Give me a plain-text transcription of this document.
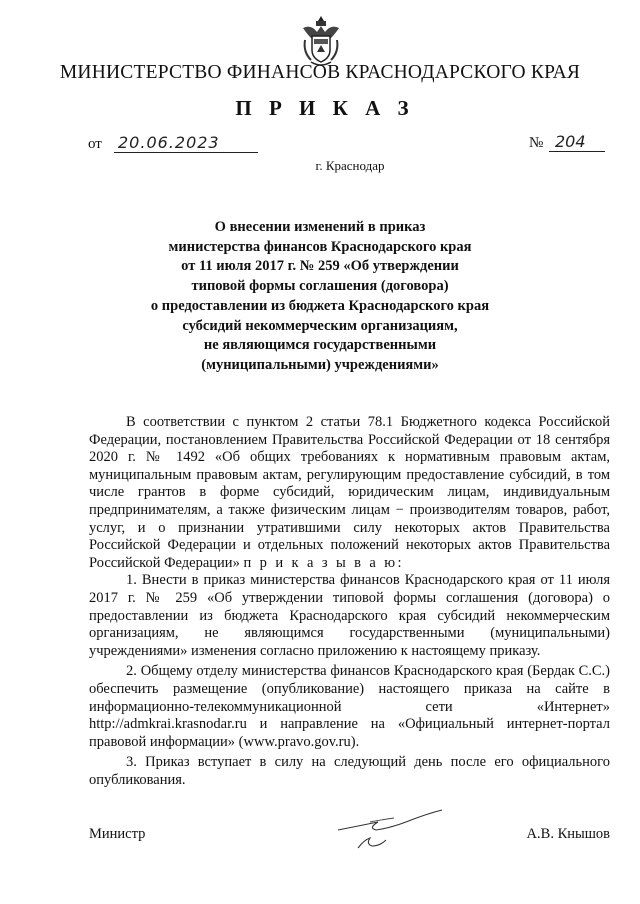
МИНИСТЕРСТВО ФИНАНСОВ КРАСНОДАРСКОГО КРАЯ
П Р И К А З
от 20.06.2023	№ 204
г. Краснодар
О внесении изменений в приказ
министерства финансов Краснодарского края
от 11 июля 2017 г. № 259 «Об утверждении
типовой формы соглашения (договора)
о предоставлении из бюджета Краснодарского края
субсидий некоммерческим организациям,
не являющимся государственными
(муниципальными) учреждениями»

В соответствии с пунктом 2 статьи 78.1 Бюджетного кодекса Российской Федерации, постановлением Правительства Российской Федерации от 18 сентября 2020 г. № 1492 «Об общих требованиях к нормативным правовым актам, муниципальным правовым актам, регулирующим предоставление субсидий, в том числе грантов в форме субсидий, юридическим лицам, индивидуальным предпринимателям, а также физическим лицам − производителям товаров, работ, услуг, и о признании утратившими силу некоторых актов Правительства Российской Федерации и отдельных положений некоторых актов Правительства Российской Федерации» п р и к а з ы в а ю:

1. Внести в приказ министерства финансов Краснодарского края от 11 июля 2017 г. № 259 «Об утверждении типовой формы соглашения (договора) о предоставлении из бюджета Краснодарского края субсидий некоммерческим организациям, не являющимся государственными (муниципальными) учреждениями» изменения согласно приложению к настоящему приказу.

2. Общему отделу министерства финансов Краснодарского края (Бердак С.С.) обеспечить размещение (опубликование) настоящего приказа на сайте в информационно-телекоммуникационной сети «Интернет» http://admkrai.krasnodar.ru и направление на «Официальный интернет-портал правовой информации» (www.pravo.gov.ru).

3. Приказ вступает в силу на следующий день после его официального опубликования.

Министр	А.В. Кнышов
